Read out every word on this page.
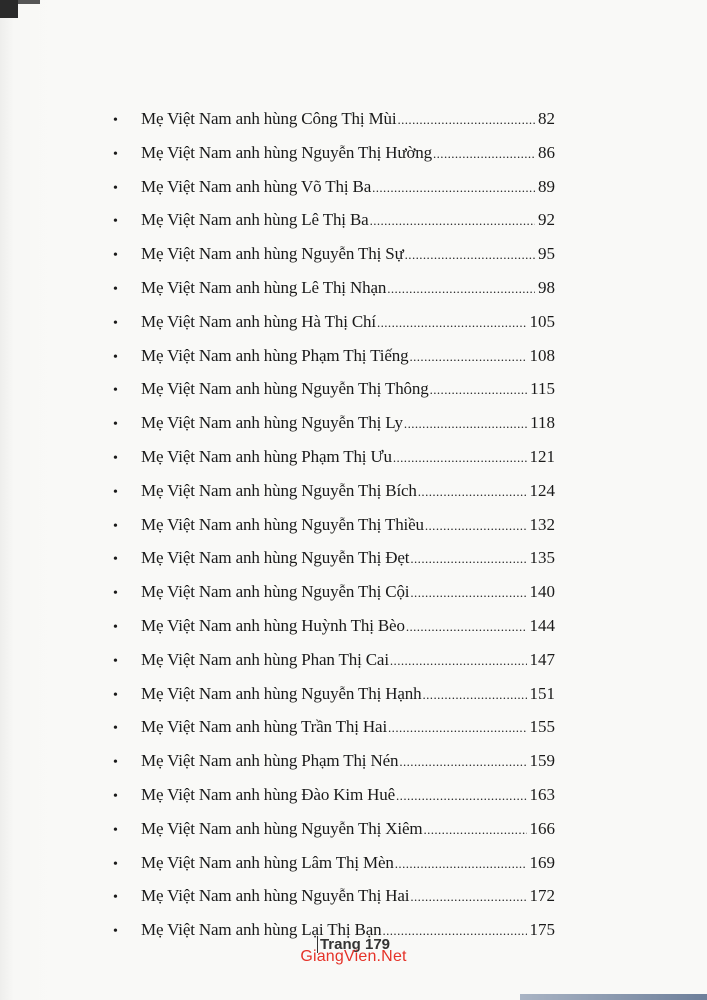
•	Mẹ Việt Nam anh hùng Công Thị Mùi .....	82
•	Mẹ Việt Nam anh hùng Nguyễn Thị Hường .....	86
•	Mẹ Việt Nam anh hùng Võ Thị Ba .....	89
•	Mẹ Việt Nam anh hùng Lê Thị Ba .....	92
•	Mẹ Việt Nam anh hùng Nguyễn Thị Sự .....	95
•	Mẹ Việt Nam anh hùng Lê Thị Nhạn .....	98
•	Mẹ Việt Nam anh hùng Hà Thị Chí .....	105
•	Mẹ Việt Nam anh hùng Phạm Thị Tiếng .....	108
•	Mẹ Việt Nam anh hùng Nguyễn Thị Thông .....	115
•	Mẹ Việt Nam anh hùng Nguyễn Thị Ly .....	118
•	Mẹ Việt Nam anh hùng Phạm Thị Ưu .....	121
•	Mẹ Việt Nam anh hùng Nguyễn Thị Bích .....	124
•	Mẹ Việt Nam anh hùng Nguyễn Thị Thiều .....	132
•	Mẹ Việt Nam anh hùng Nguyễn Thị Đẹt .....	135
•	Mẹ Việt Nam anh hùng Nguyễn Thị Cội .....	140
•	Mẹ Việt Nam anh hùng Huỳnh Thị Bèo .....	144
•	Mẹ Việt Nam anh hùng Phan Thị Cai .....	147
•	Mẹ Việt Nam anh hùng Nguyễn Thị Hạnh .....	151
•	Mẹ Việt Nam anh hùng Trần Thị Hai .....	155
•	Mẹ Việt Nam anh hùng Phạm Thị Nén .....	159
•	Mẹ Việt Nam anh hùng Đào Kim Huê .....	163
•	Mẹ Việt Nam anh hùng Nguyễn Thị Xiêm .....	166
•	Mẹ Việt Nam anh hùng Lâm Thị Mèn .....	169
•	Mẹ Việt Nam anh hùng Nguyễn Thị Hai .....	172
•	Mẹ Việt Nam anh hùng Lại Thị Bạn .....	175
Trang 179
GiangVien.Net
